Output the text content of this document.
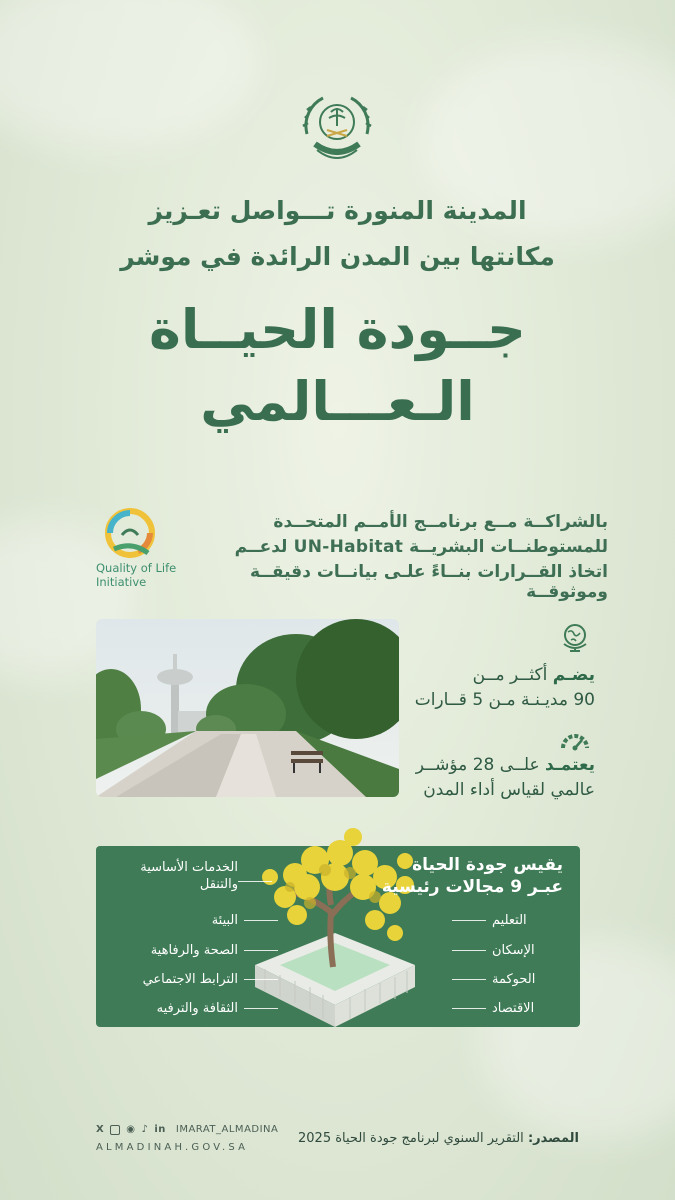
المدينة المنورة تـــواصل تعـزيز
مكانتها بين المدن الرائدة في موشر
جــودة الحيــاة
الـعـــالمي
Quality of Life
Initiative
بالشراكــة مــع برنامــج الأمــم المتحــدة
للمستوطنــات البشريــة UN-Habitat لدعــم
اتخاذ القــرارات بنــاءً علـى بيانــات دقيقــة وموثوقــة
يضـم أكثــر مــن
90 مديـنـة مـن 5 قــارات
يعتمـد علــى 28 مؤشــر
عالمي لقياس أداء المدن
يقيس جودة الحياة
عبـر 9 مجالات رئيسية
الخدمات الأساسية
والتنقل
البيئة
الصحة والرفاهية
الترابط الاجتماعي
الثقافة والترفيه
التعليم
الإسكان
الحوكمة
الاقتصاد
X ◉ ♪ in IMARAT_ALMADINA
ALMADINAH.GOV.SA
المصدر: التقرير السنوي لبرنامج جودة الحياة 2025
